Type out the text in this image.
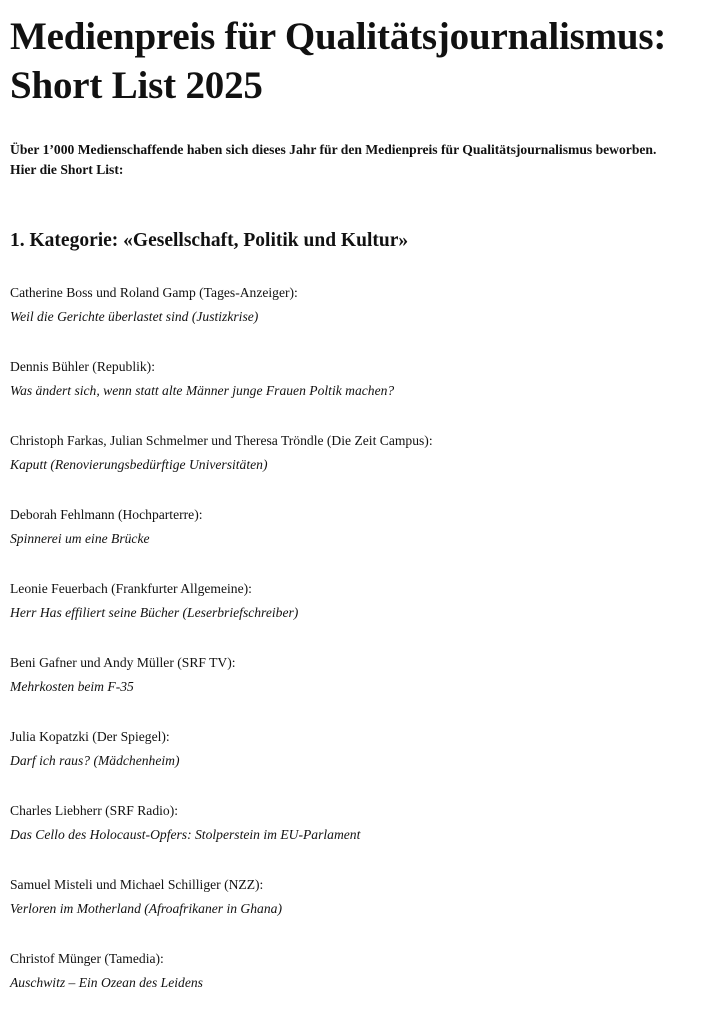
Medienpreis für Qualitätsjournalismus:
Short List 2025

Über 1’000 Medienschaffende haben sich dieses Jahr für den Medienpreis für Qualitätsjournalismus beworben.
Hier die Short List:

1. Kategorie: «Gesellschaft, Politik und Kultur»
Catherine Boss und Roland Gamp (Tages-Anzeiger):
Weil die Gerichte überlastet sind (Justizkrise)
Dennis Bühler (Republik):
Was ändert sich, wenn statt alte Männer junge Frauen Poltik machen?
Christoph Farkas, Julian Schmelmer und Theresa Tröndle (Die Zeit Campus):
Kaputt (Renovierungsbedürftige Universitäten)
Deborah Fehlmann (Hochparterre):
Spinnerei um eine Brücke
Leonie Feuerbach (Frankfurter Allgemeine):
Herr Has effiliert seine Bücher (Leserbriefschreiber)
Beni Gafner und Andy Müller (SRF TV):
Mehrkosten beim F-35
Julia Kopatzki (Der Spiegel):
Darf ich raus? (Mädchenheim)
Charles Liebherr (SRF Radio):
Das Cello des Holocaust-Opfers: Stolperstein im EU-Parlament
Samuel Misteli und Michael Schilliger (NZZ):
Verloren im Motherland (Afroafrikaner in Ghana)
Christof Münger (Tamedia):
Auschwitz – Ein Ozean des Leidens
